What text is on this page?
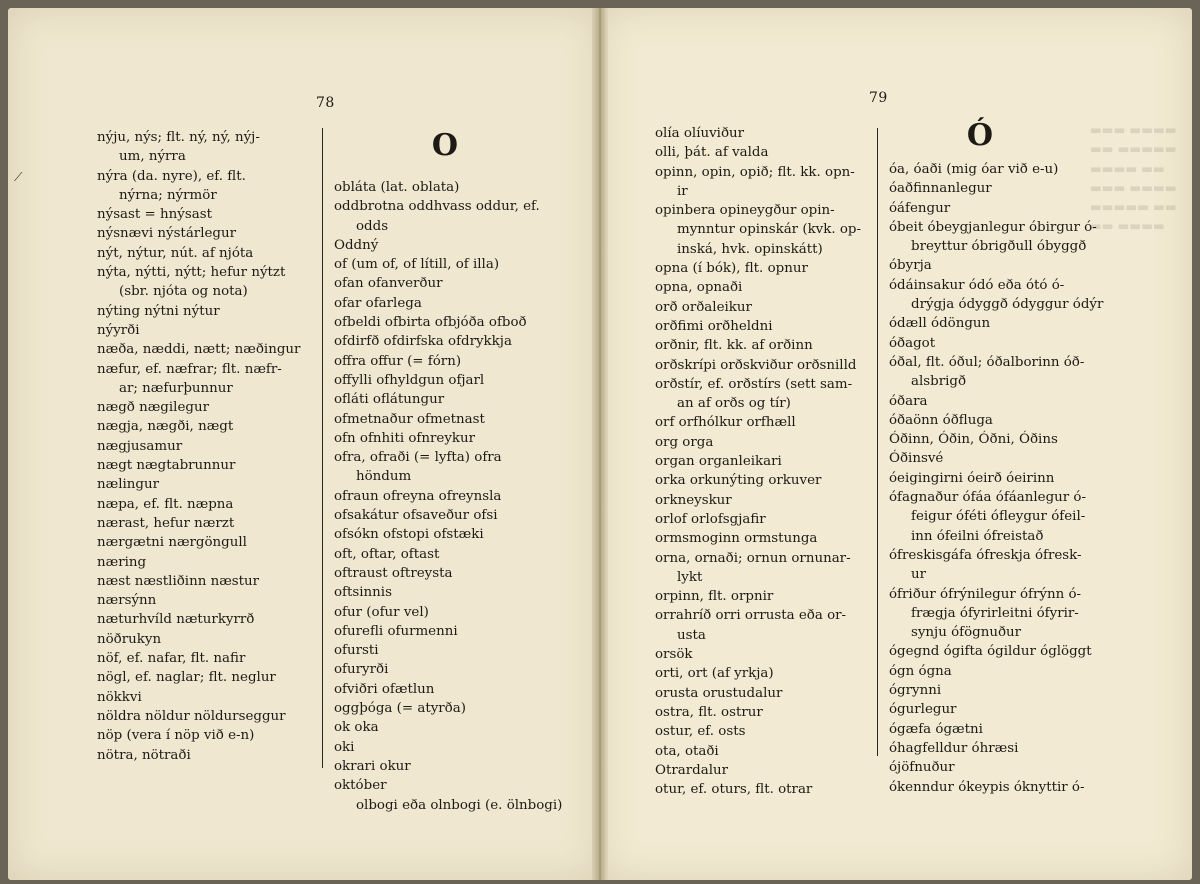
▬▬▬ ▬▬▬▬
▬▬ ▬▬▬▬▬
▬▬▬▬ ▬▬
▬▬▬ ▬▬▬▬
▬▬▬▬▬ ▬▬
▬▬ ▬▬▬▬
78
nýju, nýs; flt. ný, ný, nýj-
um, nýrra
nýra (da. nyre), ef. flt.
nýrna; nýrmör
nýsast = hnýsast
nýsnævi nýstárlegur
nýt, nýtur, nút. af njóta
nýta, nýtti, nýtt; hefur nýtzt
(sbr. njóta og nota)
nýting nýtni nýtur
nýyrði
næða, næddi, nætt; næðingur
næfur, ef. næfrar; flt. næfr-
ar; næfurþunnur
nægð nægilegur
nægja, nægði, nægt
nægjusamur
nægt nægtabrunnur
nælingur
næpa, ef. flt. næpna
nærast, hefur nærzt
nærgætni nærgöngull
næring
næst næstliðinn næstur
nærsýnn
næturhvíld næturkyrrð
nöðrukyn
nöf, ef. nafar, flt. nafir
nögl, ef. naglar; flt. neglur
nökkvi
nöldra nöldur nöldurseggur
nöp (vera í nöp við e-n)
nötra, nötraði
O
obláta (lat. oblata)
oddbrotna oddhvass oddur, ef.
odds
Oddný
of (um of, of lítill, of illa)
ofan ofanverður
ofar ofarlega
ofbeldi ofbirta ofbjóða ofboð
ofdirfð ofdirfska ofdrykkja
offra offur (= fórn)
offylli ofhyldgun ofjarl
ofláti oflátungur
ofmetnaður ofmetnast
ofn ofnhiti ofnreykur
ofra, ofraði (= lyfta) ofra
höndum
ofraun ofreyna ofreynsla
ofsakátur ofsaveður ofsi
ofsókn ofstopi ofstæki
oft, oftar, oftast
oftraust oftreysta
oftsinnis
ofur (ofur vel)
ofurefli ofurmenni
ofursti
ofuryrði
ofviðri ofætlun
oggþóga (= atyrða)
ok oka
oki
okrari okur
október
olbogi eða olnbogi (e. ölnbogi)
⟋
79
olía olíuviður
olli, þát. af valda
opinn, opin, opið; flt. kk. opn-
ir
opinbera opineygður opin-
mynntur opinskár (kvk. op-
inská, hvk. opinskátt)
opna (í bók), flt. opnur
opna, opnaði
orð orðaleikur
orðfimi orðheldni
orðnir, flt. kk. af orðinn
orðskrípi orðskviður orðsnilld
orðstír, ef. orðstírs (sett sam-
an af orðs og tír)
orf orfhólkur orfhæll
org orga
organ organleikari
orka orkunýting orkuver
orkneyskur
orlof orlofsgjafir
ormsmoginn ormstunga
orna, ornaði; ornun ornunar-
lykt
orpinn, flt. orpnir
orrahríð orri orrusta eða or-
usta
orsök
orti, ort (af yrkja)
orusta orustudalur
ostra, flt. ostrur
ostur, ef. osts
ota, otaði
Otrardalur
otur, ef. oturs, flt. otrar
Ó
óa, óaði (mig óar við e-u)
óaðfinnanlegur
óáfengur
óbeit óbeygjanlegur óbirgur ó-
breyttur óbrigðull óbyggð
óbyrja
ódáinsakur ódó eða ótó ó-
drýgja ódyggð ódyggur ódýr
ódæll ódöngun
óðagot
óðal, flt. óðul; óðalborinn óð-
alsbrigð
óðara
óðaönn óðfluga
Óðinn, Óðin, Óðni, Óðins
Óðinsvé
óeigingirni óeirð óeirinn
ófagnaður ófáa ófáanlegur ó-
feigur óféti ófleygur ófeil-
inn ófeilni ófreistað
ófreskisgáfa ófreskja ófresk-
ur
ófriður ófrýnilegur ófrýnn ó-
frægja ófyrirleitni ófyrir-
synju ófögnuður
ógegnd ógifta ógildur óglöggt
ógn ógna
ógrynni
ógurlegur
ógæfa ógætni
óhagfelldur óhræsi
ójöfnuður
ókenndur ókeypis óknyttir ó-
